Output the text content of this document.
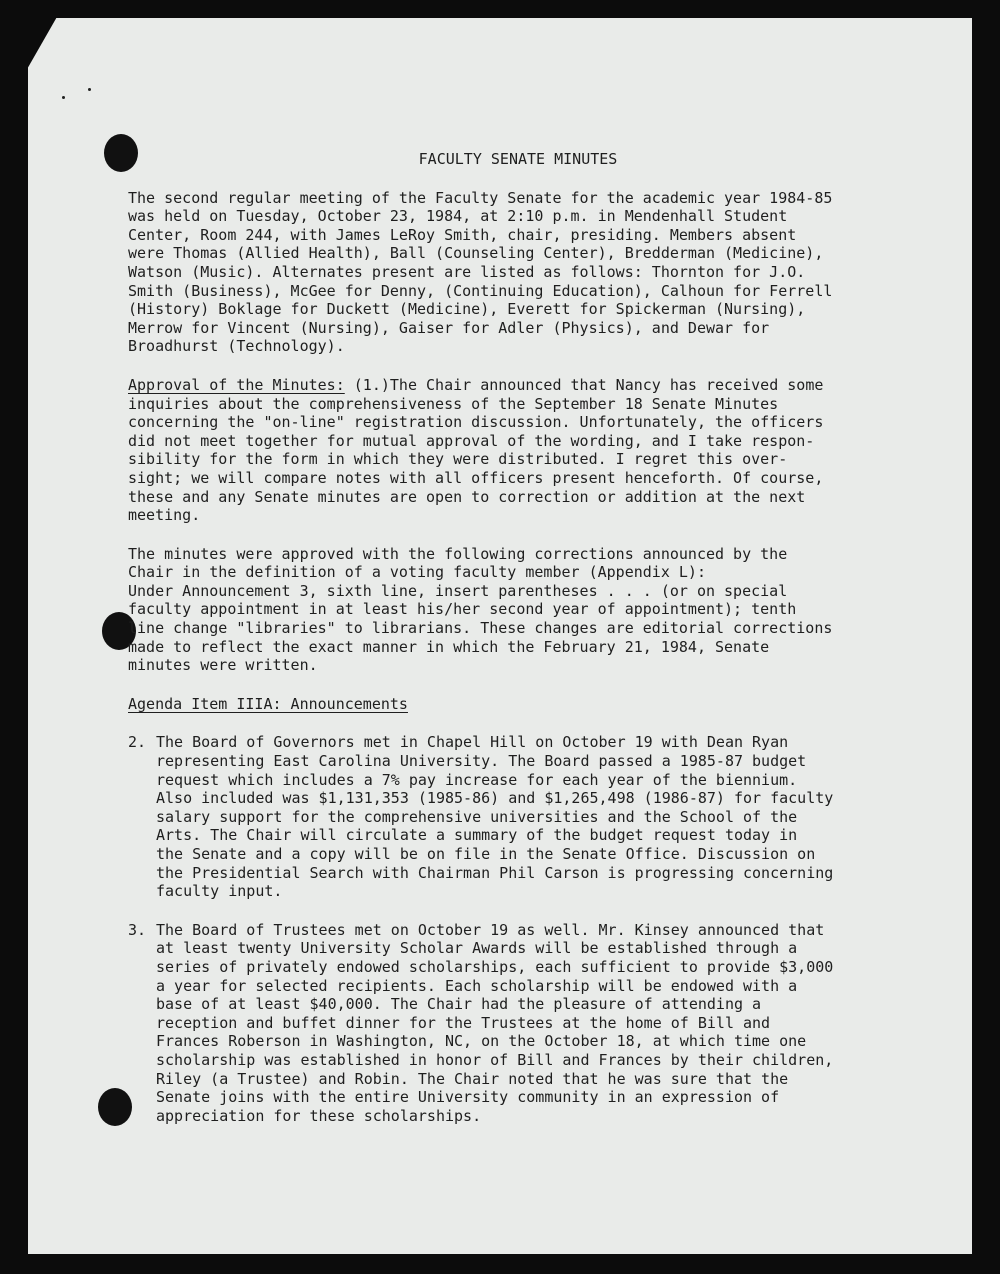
FACULTY SENATE MINUTES

The second regular meeting of the Faculty Senate for the academic year 1984-85
was held on Tuesday, October 23, 1984, at 2:10 p.m. in Mendenhall Student
Center, Room 244, with James LeRoy Smith, chair, presiding. Members absent
were Thomas (Allied Health), Ball (Counseling Center), Bredderman (Medicine),
Watson (Music). Alternates present are listed as follows: Thornton for J.O.
Smith (Business), McGee for Denny, (Continuing Education), Calhoun for Ferrell
(History) Boklage for Duckett (Medicine), Everett for Spickerman (Nursing),
Merrow for Vincent (Nursing), Gaiser for Adler (Physics), and Dewar for
Broadhurst (Technology).

Approval of the Minutes: (1.)The Chair announced that Nancy has received some
inquiries about the comprehensiveness of the September 18 Senate Minutes
concerning the "on-line" registration discussion. Unfortunately, the officers
did not meet together for mutual approval of the wording, and I take respon-
sibility for the form in which they were distributed. I regret this over-
sight; we will compare notes with all officers present henceforth. Of course,
these and any Senate minutes are open to correction or addition at the next
meeting.

The minutes were approved with the following corrections announced by the
Chair in the definition of a voting faculty member (Appendix L):
Under Announcement 3, sixth line, insert parentheses . . . (or on special
faculty appointment in at least his/her second year of appointment); tenth
line change "libraries" to librarians. These changes are editorial corrections
made to reflect the exact manner in which the February 21, 1984, Senate
minutes were written.

Agenda Item IIIA: Announcements

2. The Board of Governors met in Chapel Hill on October 19 with Dean Ryan
representing East Carolina University. The Board passed a 1985-87 budget
request which includes a 7% pay increase for each year of the biennium.
Also included was $1,131,353 (1985-86) and $1,265,498 (1986-87) for faculty
salary support for the comprehensive universities and the School of the
Arts. The Chair will circulate a summary of the budget request today in
the Senate and a copy will be on file in the Senate Office. Discussion on
the Presidential Search with Chairman Phil Carson is progressing concerning
faculty input.
3. The Board of Trustees met on October 19 as well. Mr. Kinsey announced that
at least twenty University Scholar Awards will be established through a
series of privately endowed scholarships, each sufficient to provide $3,000
a year for selected recipients. Each scholarship will be endowed with a
base of at least $40,000. The Chair had the pleasure of attending a
reception and buffet dinner for the Trustees at the home of Bill and
Frances Roberson in Washington, NC, on the October 18, at which time one
scholarship was established in honor of Bill and Frances by their children,
Riley (a Trustee) and Robin. The Chair noted that he was sure that the
Senate joins with the entire University community in an expression of
appreciation for these scholarships.
